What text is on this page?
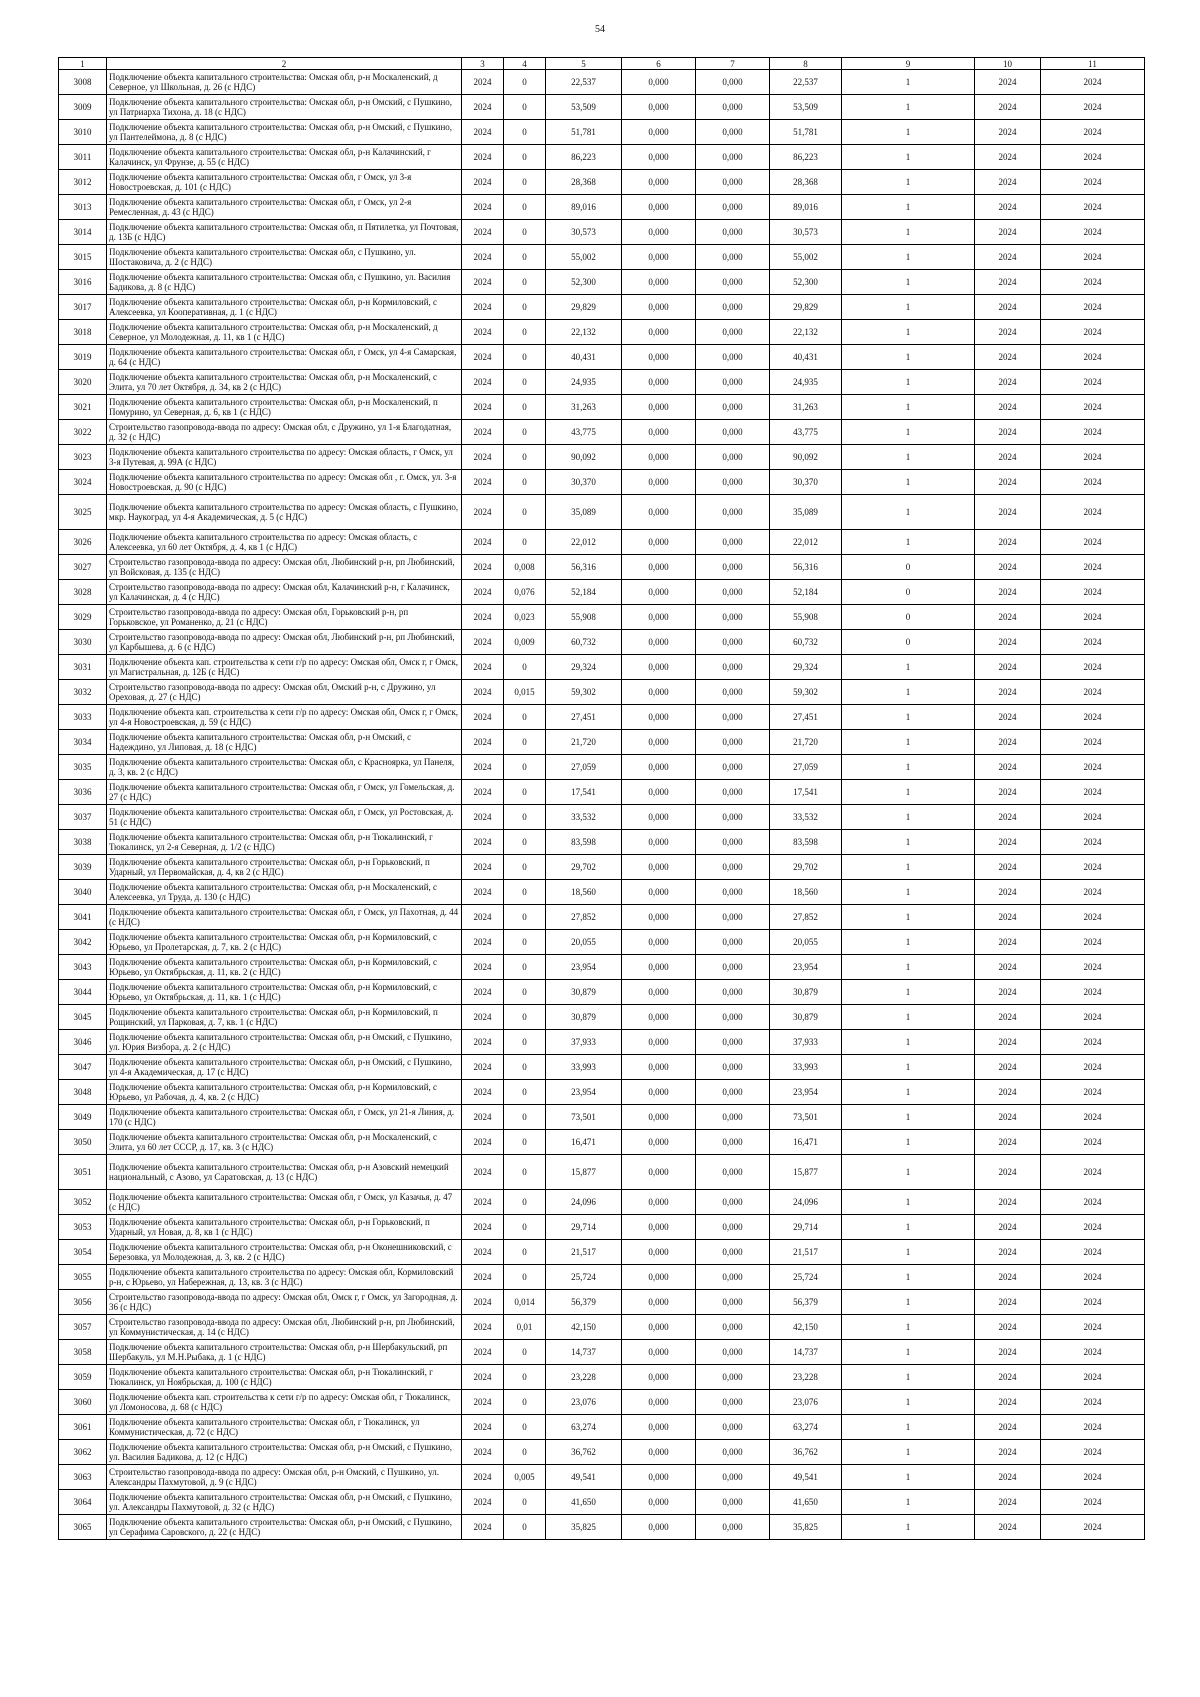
54
1	2	3	4	5	6	7	8	9	10	11
3008	Подключение объекта капитального строительства: Омская обл, р-н Москаленский, д Северное, ул Школьная, д. 26 (с НДС)	2024	0	22,537	0,000	0,000	22,537	1	2024	2024
3009	Подключение объекта капитального строительства: Омская обл, р-н Омский, с Пушкино, ул Патриарха Тихона, д. 18 (с НДС)	2024	0	53,509	0,000	0,000	53,509	1	2024	2024
3010	Подключение объекта капитального строительства: Омская обл, р-н Омский, с Пушкино, ул Пантелеймона, д. 8 (с НДС)	2024	0	51,781	0,000	0,000	51,781	1	2024	2024
3011	Подключение объекта капитального строительства: Омская обл, р-н Калачинский, г Калачинск, ул Фрунзе, д. 55 (с НДС)	2024	0	86,223	0,000	0,000	86,223	1	2024	2024
3012	Подключение объекта капитального строительства: Омская обл, г Омск, ул 3-я Новостроевская, д. 101 (с НДС)	2024	0	28,368	0,000	0,000	28,368	1	2024	2024
3013	Подключение объекта капитального строительства: Омская обл, г Омск, ул 2-я Ремесленная, д. 43 (с НДС)	2024	0	89,016	0,000	0,000	89,016	1	2024	2024
3014	Подключение объекта капитального строительства: Омская обл, п Пятилетка, ул Почтовая, д. 13Б (с НДС)	2024	0	30,573	0,000	0,000	30,573	1	2024	2024
3015	Подключение объекта капитального строительства: Омская обл, с Пушкино, ул. Шостаковича, д. 2 (с НДС)	2024	0	55,002	0,000	0,000	55,002	1	2024	2024
3016	Подключение объекта капитального строительства: Омская обл, с Пушкино, ул. Василия Бадикова, д. 8 (с НДС)	2024	0	52,300	0,000	0,000	52,300	1	2024	2024
3017	Подключение объекта капитального строительства: Омская обл, р-н Кормиловский, с Алексеевка, ул Кооперативная, д. 1 (с НДС)	2024	0	29,829	0,000	0,000	29,829	1	2024	2024
3018	Подключение объекта капитального строительства: Омская обл, р-н Москаленский, д Северное, ул Молодежная, д. 11, кв 1 (с НДС)	2024	0	22,132	0,000	0,000	22,132	1	2024	2024
3019	Подключение объекта капитального строительства: Омская обл, г Омск, ул 4-я Самарская, д. 64 (с НДС)	2024	0	40,431	0,000	0,000	40,431	1	2024	2024
3020	Подключение объекта капитального строительства: Омская обл, р-н Москаленский, с Элита, ул 70 лет Октября, д. 34, кв 2 (с НДС)	2024	0	24,935	0,000	0,000	24,935	1	2024	2024
3021	Подключение объекта капитального строительства: Омская обл, р-н Москаленский, п Помурино, ул Северная, д. 6, кв 1 (с НДС)	2024	0	31,263	0,000	0,000	31,263	1	2024	2024
3022	Строительство газопровода-ввода по адресу: Омская обл, с Дружино, ул 1-я Благодатная, д. 32 (с НДС)	2024	0	43,775	0,000	0,000	43,775	1	2024	2024
3023	Подключение объекта капитального строительства по адресу: Омская область, г Омск, ул 3-я Путевая, д. 99А (с НДС)	2024	0	90,092	0,000	0,000	90,092	1	2024	2024
3024	Подключение объекта капитального строительства по адресу: Омская обл , г. Омск, ул. 3-я Новостроевская, д. 90 (с НДС)	2024	0	30,370	0,000	0,000	30,370	1	2024	2024
3025	Подключение объекта капитального строительства по адресу: Омская область, с Пушкино, мкр. Наукоград, ул 4-я Академическая, д. 5 (с НДС)	2024	0	35,089	0,000	0,000	35,089	1	2024	2024
3026	Подключение объекта капитального строительства по адресу: Омская область, с Алексеевка, ул 60 лет Октября, д. 4, кв 1 (с НДС)	2024	0	22,012	0,000	0,000	22,012	1	2024	2024
3027	Строительство газопровода-ввода по адресу: Омская обл, Любинский р-н, рп Любинский, ул Войсковая, д. 135 (с НДС)	2024	0,008	56,316	0,000	0,000	56,316	0	2024	2024
3028	Строительство газопровода-ввода по адресу: Омская обл, Калачинский р-н, г Калачинск, ул Калачинская, д. 4 (с НДС)	2024	0,076	52,184	0,000	0,000	52,184	0	2024	2024
3029	Строительство газопровода-ввода по адресу: Омская обл, Горьковский р-н, рп Горьковское, ул Романенко, д. 21 (с НДС)	2024	0,023	55,908	0,000	0,000	55,908	0	2024	2024
3030	Строительство газопровода-ввода по адресу: Омская обл, Любинский р-н, рп Любинский, ул Карбышева, д. 6 (с НДС)	2024	0,009	60,732	0,000	0,000	60,732	0	2024	2024
3031	Подключение объекта кап. строительства к сети г/р по адресу: Омская обл, Омск г, г Омск, ул Магистральная, д. 12Б (с НДС)	2024	0	29,324	0,000	0,000	29,324	1	2024	2024
3032	Строительство газопровода-ввода по адресу: Омская обл, Омский р-н, с Дружино, ул Ореховая, д. 27 (с НДС)	2024	0,015	59,302	0,000	0,000	59,302	1	2024	2024
3033	Подключение объекта кап. строительства к сети г/р по адресу: Омская обл, Омск г, г Омск, ул 4-я Новостроевская, д. 59 (с НДС)	2024	0	27,451	0,000	0,000	27,451	1	2024	2024
3034	Подключение объекта капитального строительства: Омская обл, р-н Омский, с Надеждино, ул Липовая, д. 18 (с НДС)	2024	0	21,720	0,000	0,000	21,720	1	2024	2024
3035	Подключение объекта капитального строительства: Омская обл, с Красноярка, ул Панеля, д. 3, кв. 2 (с НДС)	2024	0	27,059	0,000	0,000	27,059	1	2024	2024
3036	Подключение объекта капитального строительства: Омская обл, г Омск, ул Гомельская, д. 27 (с НДС)	2024	0	17,541	0,000	0,000	17,541	1	2024	2024
3037	Подключение объекта капитального строительства: Омская обл, г Омск, ул Ростовская, д. 51 (с НДС)	2024	0	33,532	0,000	0,000	33,532	1	2024	2024
3038	Подключение объекта капитального строительства: Омская обл, р-н Тюкалинский, г Тюкалинск, ул 2-я Северная, д. 1/2 (с НДС)	2024	0	83,598	0,000	0,000	83,598	1	2024	2024
3039	Подключение объекта капитального строительства: Омская обл, р-н Горьковский, п Ударный, ул Первомайская, д. 4, кв 2 (с НДС)	2024	0	29,702	0,000	0,000	29,702	1	2024	2024
3040	Подключение объекта капитального строительства: Омская обл, р-н Москаленский, с Алексеевка, ул Труда, д. 130 (с НДС)	2024	0	18,560	0,000	0,000	18,560	1	2024	2024
3041	Подключение объекта капитального строительства: Омская обл, г Омск, ул Пахотная, д. 44 (с НДС)	2024	0	27,852	0,000	0,000	27,852	1	2024	2024
3042	Подключение объекта капитального строительства: Омская обл, р-н Кормиловский, с Юрьево, ул Пролетарская, д. 7, кв. 2 (с НДС)	2024	0	20,055	0,000	0,000	20,055	1	2024	2024
3043	Подключение объекта капитального строительства: Омская обл, р-н Кормиловский, с Юрьево, ул Октябрьская, д. 11, кв. 2 (с НДС)	2024	0	23,954	0,000	0,000	23,954	1	2024	2024
3044	Подключение объекта капитального строительства: Омская обл, р-н Кормиловский, с Юрьево, ул Октябрьская, д. 11, кв. 1 (с НДС)	2024	0	30,879	0,000	0,000	30,879	1	2024	2024
3045	Подключение объекта капитального строительства: Омская обл, р-н Кормиловский, п Рощинский, ул Парковая, д. 7, кв. 1 (с НДС)	2024	0	30,879	0,000	0,000	30,879	1	2024	2024
3046	Подключение объекта капитального строительства: Омская обл, р-н Омский, с Пушкино, ул. Юрия Визбора, д. 2 (с НДС)	2024	0	37,933	0,000	0,000	37,933	1	2024	2024
3047	Подключение объекта капитального строительства: Омская обл, р-н Омский, с Пушкино, ул 4-я Академическая, д. 17 (с НДС)	2024	0	33,993	0,000	0,000	33,993	1	2024	2024
3048	Подключение объекта капитального строительства: Омская обл, р-н Кормиловский, с Юрьево, ул Рабочая, д. 4, кв. 2 (с НДС)	2024	0	23,954	0,000	0,000	23,954	1	2024	2024
3049	Подключение объекта капитального строительства: Омская обл, г Омск, ул 21-я Линия, д. 170 (с НДС)	2024	0	73,501	0,000	0,000	73,501	1	2024	2024
3050	Подключение объекта капитального строительства: Омская обл, р-н Москаленский, с Элита, ул 60 лет СССР, д. 17, кв. 3 (с НДС)	2024	0	16,471	0,000	0,000	16,471	1	2024	2024
3051	Подключение объекта капитального строительства: Омская обл, р-н Азовский немецкий национальный, с Азово, ул Саратовская, д. 13 (с НДС)	2024	0	15,877	0,000	0,000	15,877	1	2024	2024
3052	Подключение объекта капитального строительства: Омская обл, г Омск, ул Казачья, д. 47 (с НДС)	2024	0	24,096	0,000	0,000	24,096	1	2024	2024
3053	Подключение объекта капитального строительства: Омская обл, р-н Горьковский, п Ударный, ул Новая, д. 8, кв 1 (с НДС)	2024	0	29,714	0,000	0,000	29,714	1	2024	2024
3054	Подключение объекта капитального строительства: Омская обл, р-н Оконешниковский, с Березовка, ул Молодежная, д. 3, кв. 2 (с НДС)	2024	0	21,517	0,000	0,000	21,517	1	2024	2024
3055	Подключение объекта капитального строительства по адресу: Омская обл, Кормиловский р-н, с Юрьево, ул Набережная, д. 13, кв. 3 (с НДС)	2024	0	25,724	0,000	0,000	25,724	1	2024	2024
3056	Строительство газопровода-ввода по адресу: Омская обл, Омск г, г Омск, ул Загородная, д. 36 (с НДС)	2024	0,014	56,379	0,000	0,000	56,379	1	2024	2024
3057	Строительство газопровода-ввода по адресу: Омская обл, Любинский р-н, рп Любинский, ул Коммунистическая, д. 14 (с НДС)	2024	0,01	42,150	0,000	0,000	42,150	1	2024	2024
3058	Подключение объекта капитального строительства: Омская обл, р-н Шербакульский, рп Шербакуль, ул М.Н.Рыбака, д. 1 (с НДС)	2024	0	14,737	0,000	0,000	14,737	1	2024	2024
3059	Подключение объекта капитального строительства: Омская обл, р-н Тюкалинский, г Тюкалинск, ул Ноябрьская, д. 100 (с НДС)	2024	0	23,228	0,000	0,000	23,228	1	2024	2024
3060	Подключение объекта кап. строительства к сети г/р по адресу: Омская обл, г Тюкалинск, ул Ломоносова, д. 68 (с НДС)	2024	0	23,076	0,000	0,000	23,076	1	2024	2024
3061	Подключение объекта капитального строительства: Омская обл, г Тюкалинск, ул Коммунистическая, д. 72 (с НДС)	2024	0	63,274	0,000	0,000	63,274	1	2024	2024
3062	Подключение объекта капитального строительства: Омская обл, р-н Омский, с Пушкино, ул. Василия Бадикова, д. 12 (с НДС)	2024	0	36,762	0,000	0,000	36,762	1	2024	2024
3063	Строительство газопровода-ввода по адресу: Омская обл, р-н Омский, с Пушкино, ул. Александры Пахмутовой, д. 9 (с НДС)	2024	0,005	49,541	0,000	0,000	49,541	1	2024	2024
3064	Подключение объекта капитального строительства: Омская обл, р-н Омский, с Пушкино, ул. Александры Пахмутовой, д. 32 (с НДС)	2024	0	41,650	0,000	0,000	41,650	1	2024	2024
3065	Подключение объекта капитального строительства: Омская обл, р-н Омский, с Пушкино, ул Серафима Саровского, д. 22 (с НДС)	2024	0	35,825	0,000	0,000	35,825	1	2024	2024
